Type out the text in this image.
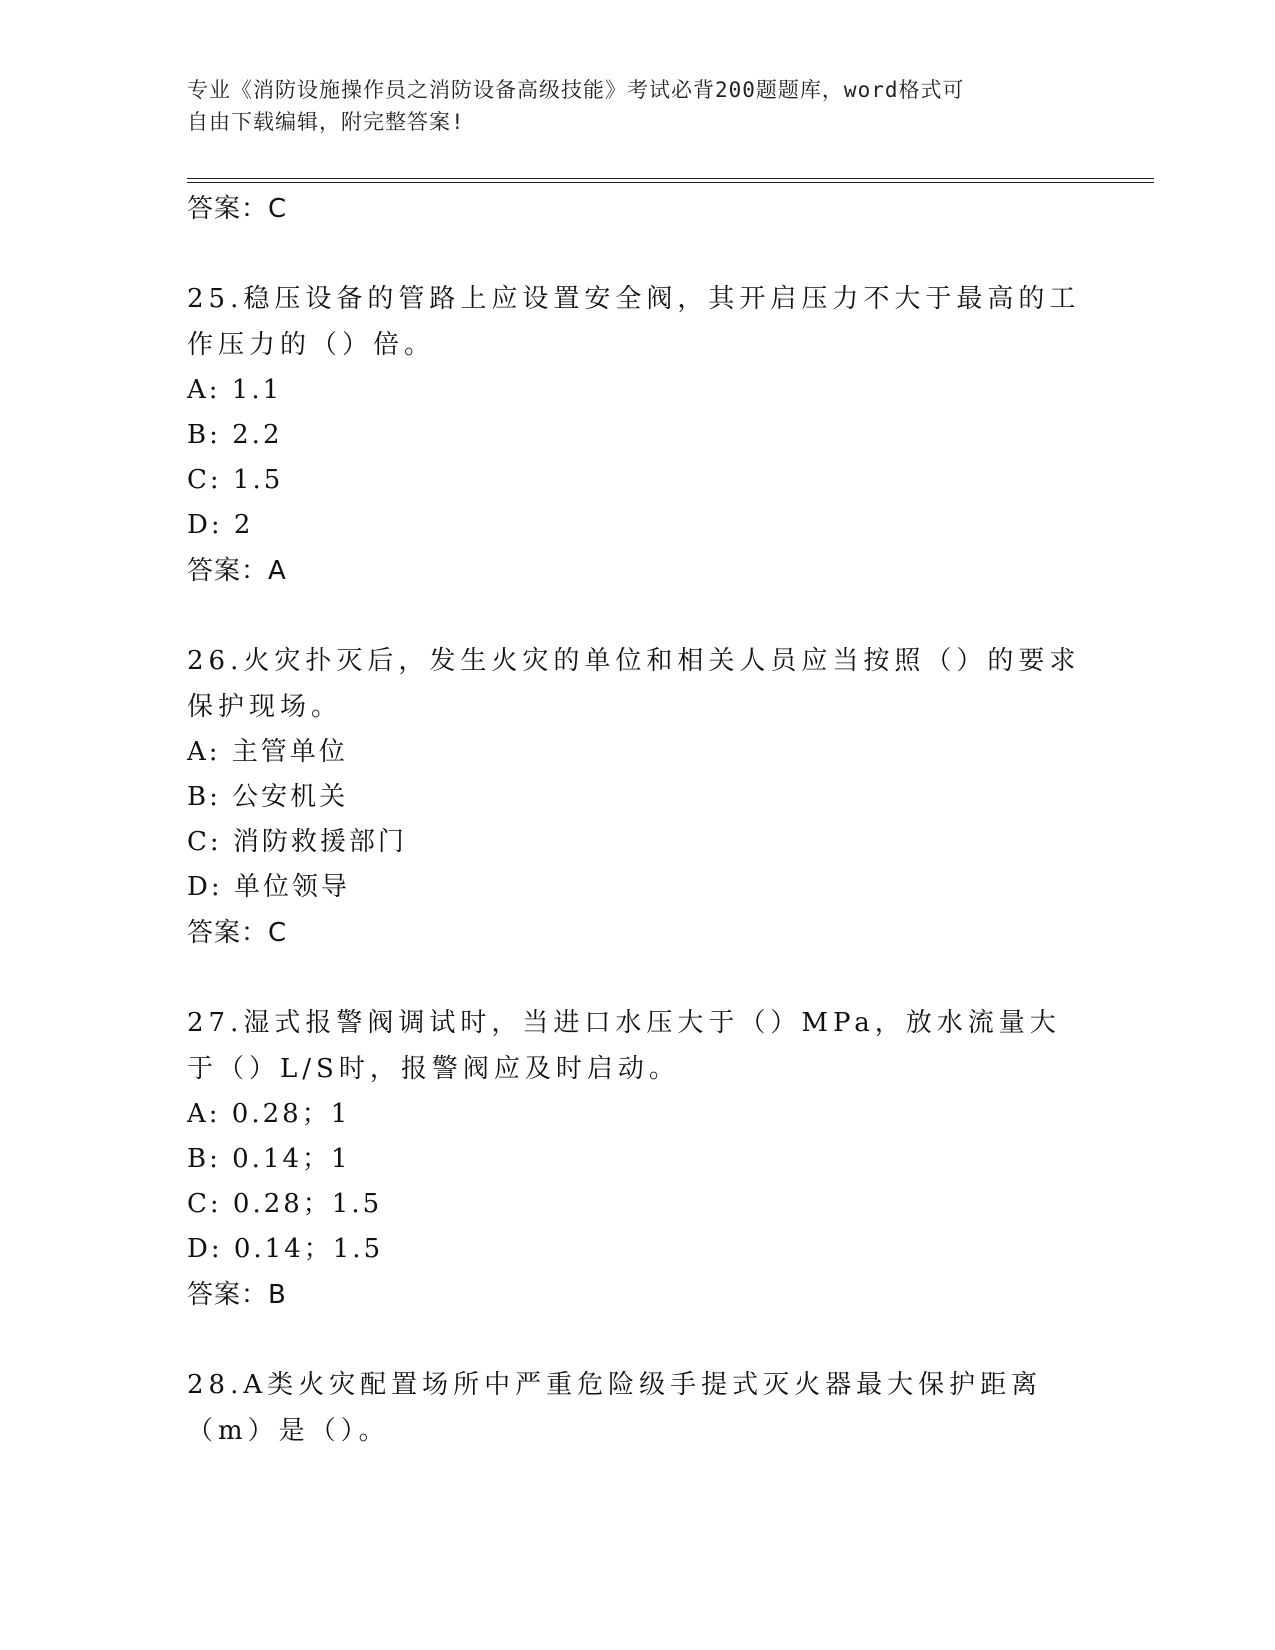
专业《消防设施操作员之消防设备高级技能》考试必背200题题库，word格式可
自由下载编辑，附完整答案!
答案：C

25.稳压设备的管路上应设置安全阀，其开启压力不大于最高的工作压力的（）倍。

A: 1.1
B: 2.2
C: 1.5
D: 2
答案：A

26.火灾扑灭后，发生火灾的单位和相关人员应当按照（）的要求保护现场。

A: 主管单位
B: 公安机关
C: 消防救援部门
D: 单位领导
答案：C

27.湿式报警阀调试时，当进口水压大于（）MPa，放水流量大于（）L/S时，报警阀应及时启动。

A: 0.28；1
B: 0.14；1
C: 0.28；1.5
D: 0.14；1.5
答案：B

28.A类火灾配置场所中严重危险级手提式灭火器最大保护距离（m）是（）。
